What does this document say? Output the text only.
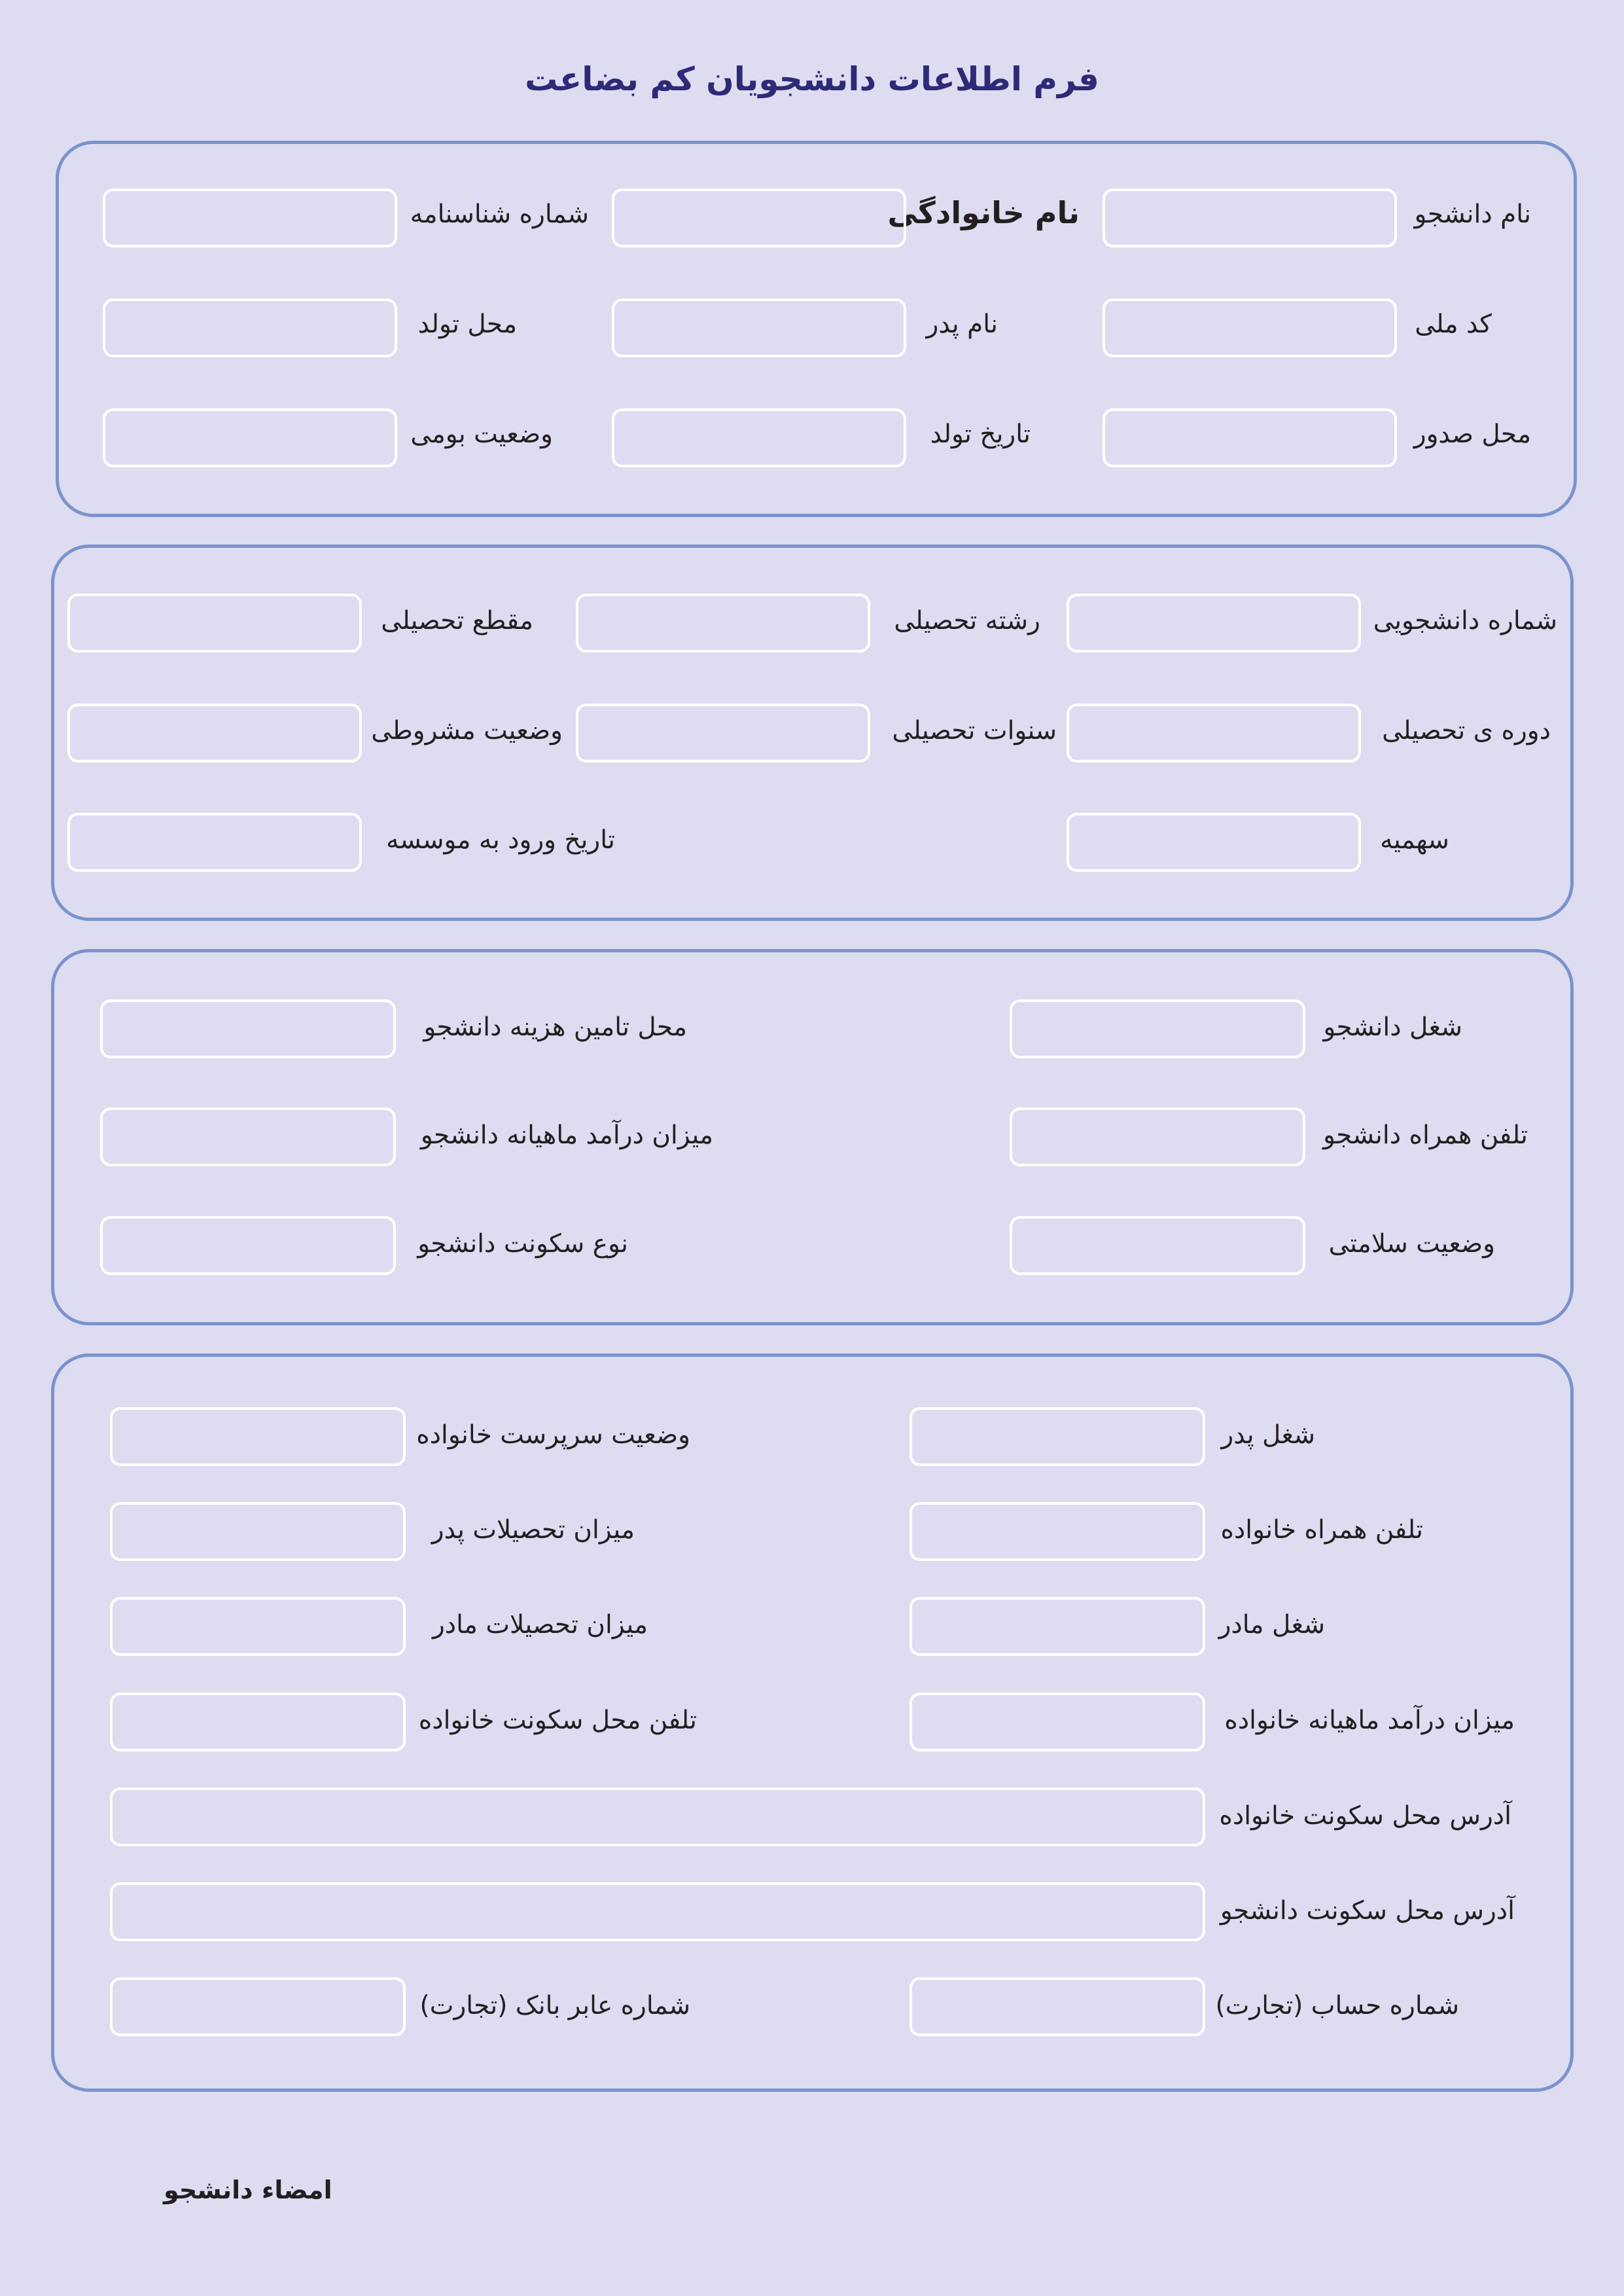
فرم اطلاعات دانشجویان کم بضاعت
نام دانشجو
نام خانوادگی
شماره شناسنامه
کد ملی
نام پدر
محل تولد
محل صدور
تاریخ تولد
وضعیت بومی
شماره دانشجویی
رشته تحصیلی
مقطع تحصیلی
دوره ی تحصیلی
سنوات تحصیلی
وضعیت مشروطی
سهمیه
تاریخ ورود به موسسه
شغل دانشجو
محل تامین هزینه دانشجو
تلفن همراه دانشجو
میزان درآمد ماهیانه دانشجو
وضعیت سلامتی
نوع سکونت دانشجو
شغل پدر
وضعیت سرپرست خانواده
تلفن همراه خانواده
میزان تحصیلات پدر
شغل مادر
میزان تحصیلات مادر
میزان درآمد ماهیانه خانواده
تلفن محل سکونت خانواده
آدرس محل سکونت خانواده
آدرس محل سکونت دانشجو
شماره حساب (تجارت)
شماره عابر بانک (تجارت)
امضاء دانشجو
